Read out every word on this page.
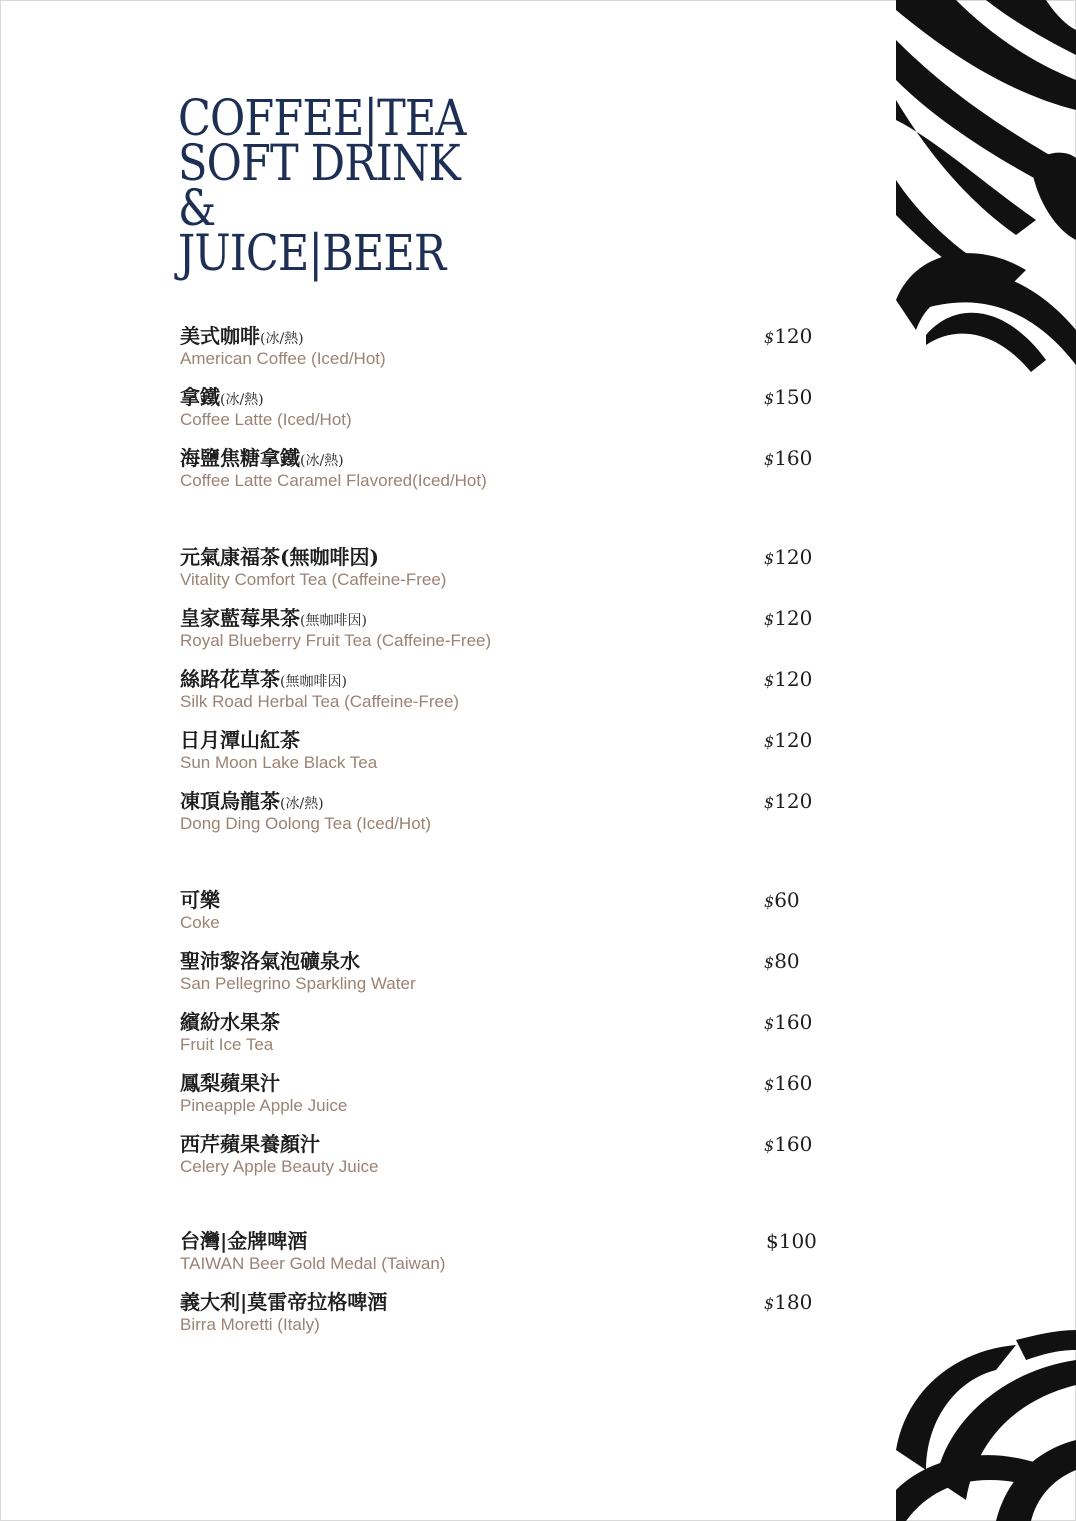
COFFEE|TEA
SOFT DRINK
&
JUICE|BEER
美式咖啡(冰/熱)
American Coffee (Iced/Hot)
$120
拿鐵(冰/熱)
Coffee Latte (Iced/Hot)
$150
海鹽焦糖拿鐵(冰/熱)
Coffee Latte Caramel Flavored(Iced/Hot)
$160
元氣康福茶(無咖啡因)
Vitality Comfort Tea (Caffeine-Free)
$120
皇家藍莓果茶(無咖啡因)
Royal Blueberry Fruit Tea (Caffeine-Free)
$120
絲路花草茶(無咖啡因)
Silk Road Herbal Tea (Caffeine-Free)
$120
日月潭山紅茶
Sun Moon Lake Black Tea
$120
凍頂烏龍茶(冰/熱)
Dong Ding Oolong Tea (Iced/Hot)
$120
可樂
Coke
$60
聖沛黎洛氣泡礦泉水
San Pellegrino Sparkling Water
$80
繽紛水果茶
Fruit Ice Tea
$160
鳳梨蘋果汁
Pineapple Apple Juice
$160
西芹蘋果養顏汁
Celery Apple Beauty Juice
$160
台灣|金牌啤酒
TAIWAN Beer Gold Medal (Taiwan)
$100
義大利|莫雷帝拉格啤酒
Birra Moretti (Italy)
$180
